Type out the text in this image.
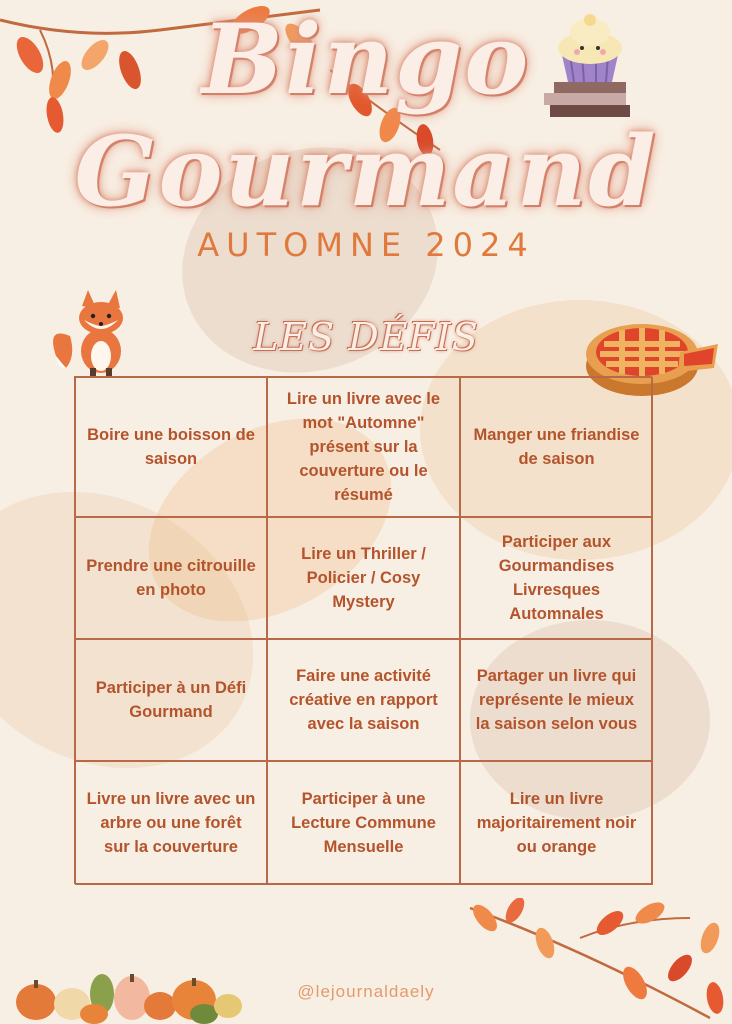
Bingo
Gourmand
AUTOMNE 2024
LES DÉFIS
Boire une boisson de saison
Lire un livre avec le mot "Automne" présent sur la couverture ou le résumé
Manger une friandise de saison
Prendre une citrouille en photo
Lire un Thriller / Policier / Cosy Mystery
Participer aux Gourmandises Livresques Automnales
Participer à un Défi Gourmand
Faire une activité créative en rapport avec la saison
Partager un livre qui représente le mieux la saison selon vous
Livre un livre avec un arbre ou une forêt sur la couverture
Participer à une Lecture Commune Mensuelle
Lire un livre majoritairement noir ou orange
@lejournaldaely
